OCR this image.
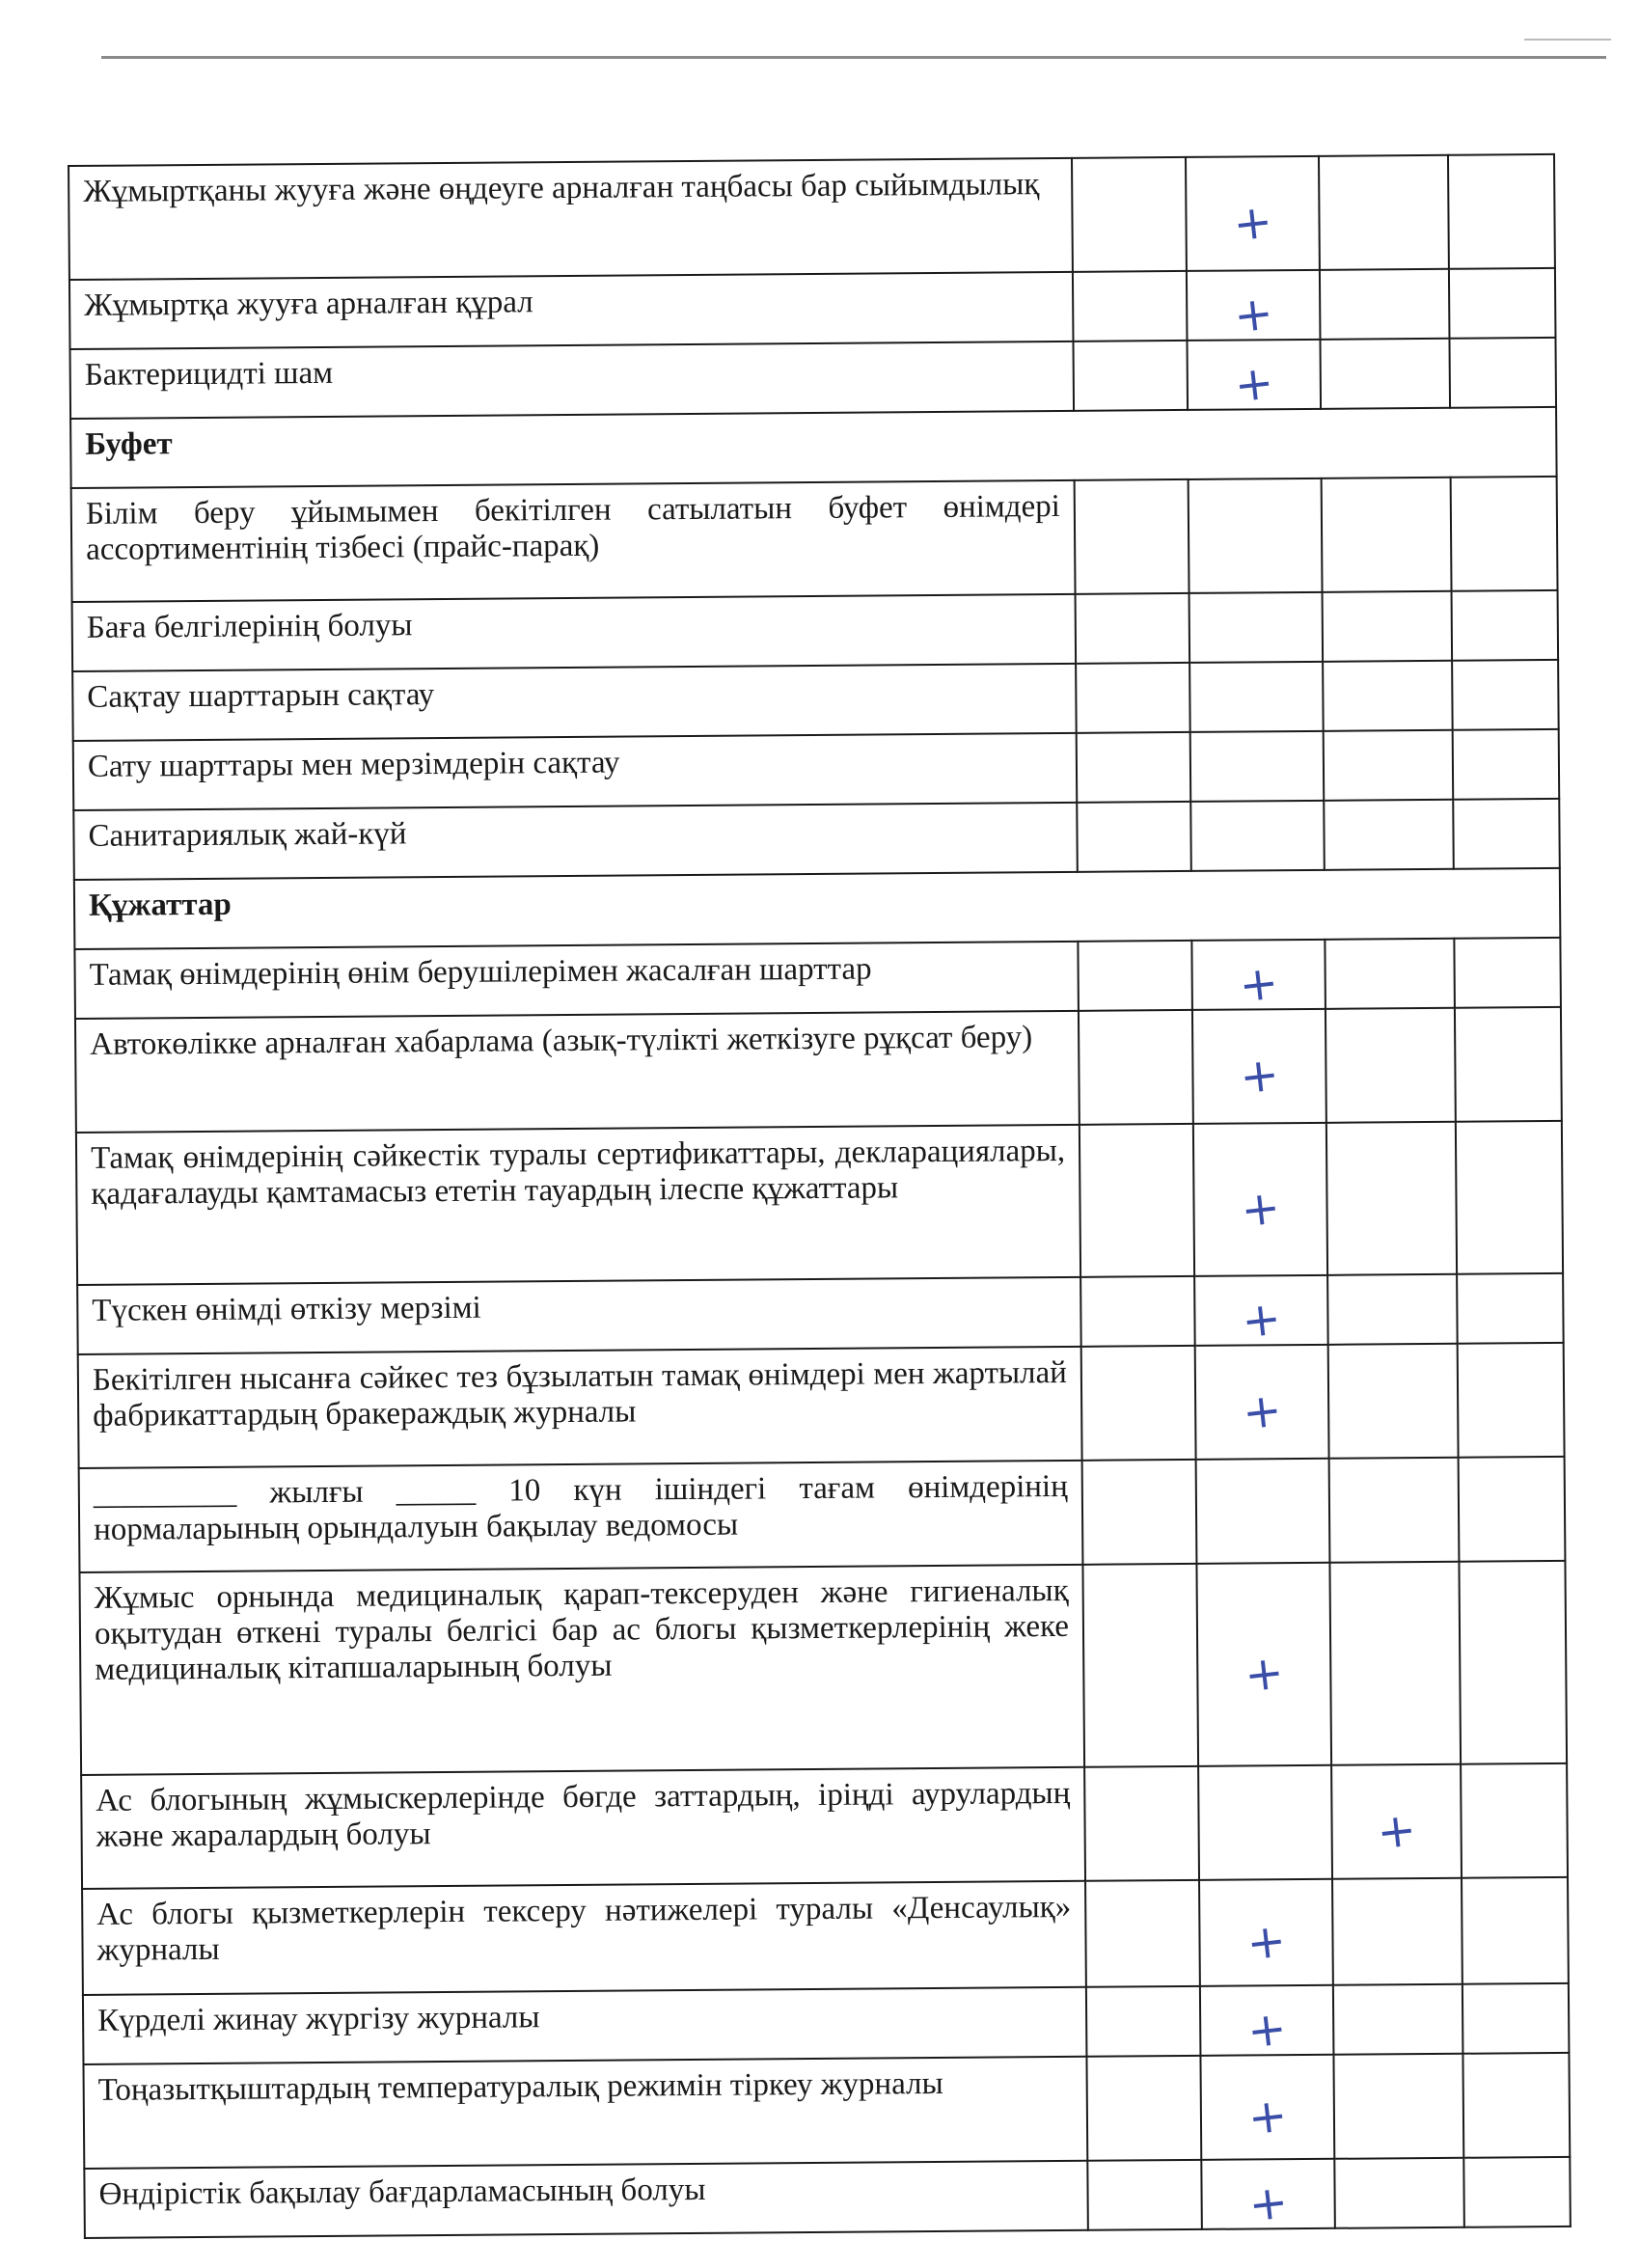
Жұмыртқаны жууға және өңдеуге арналған таңбасы бар сыйымдылық		+		
Жұмыртқа жууға арналған құрал		+		
Бактерицидті шам		+		
Буфет				
Білім беру ұйымымен бекітілген сатылатын буфет өнімдері ассортиментінің тізбесі (прайс-парақ)				
Баға белгілерінің болуы				
Сақтау шарттарын сақтау				
Сату шарттары мен мерзімдерін сақтау				
Санитариялық жай-күй				
Құжаттар				
Тамақ өнімдерінің өнім берушілерімен жасалған шарттар		+		
Автокөлікке арналған хабарлама (азық-түлікті жеткізуге рұқсат беру)		+		
Тамақ өнімдерінің сәйкестік туралы сертификаттары, декларациялары, қадағалауды қамтамасыз ететін тауардың ілеспе құжаттары		+		
Түскен өнімді өткізу мерзімі		+		
Бекітілген нысанға сәйкес тез бұзылатын тамақ өнімдері мен жартылай фабрикаттардың бракераждық журналы		+		
_________ жылғы _____ 10 күн ішіндегі тағам өнімдерінің нормаларының орындалуын бақылау ведомосы				
Жұмыс орнында медициналық қарап-тексеруден және гигиеналық оқытудан өткені туралы белгісі бар ас блогы қызметкерлерінің жеке медициналық кітапшаларының болуы		+		
Ас блогының жұмыскерлерінде бөгде заттардың, іріңді аурулардың және жаралардың болуы			+	
Ас блогы қызметкерлерін тексеру нәтижелері туралы «Денсаулық» журналы		+		
Күрделі жинау жүргізу журналы		+		
Тоңазытқыштардың температуралық режимін тіркеу журналы		+		
Өндірістік бақылау бағдарламасының болуы		+		
